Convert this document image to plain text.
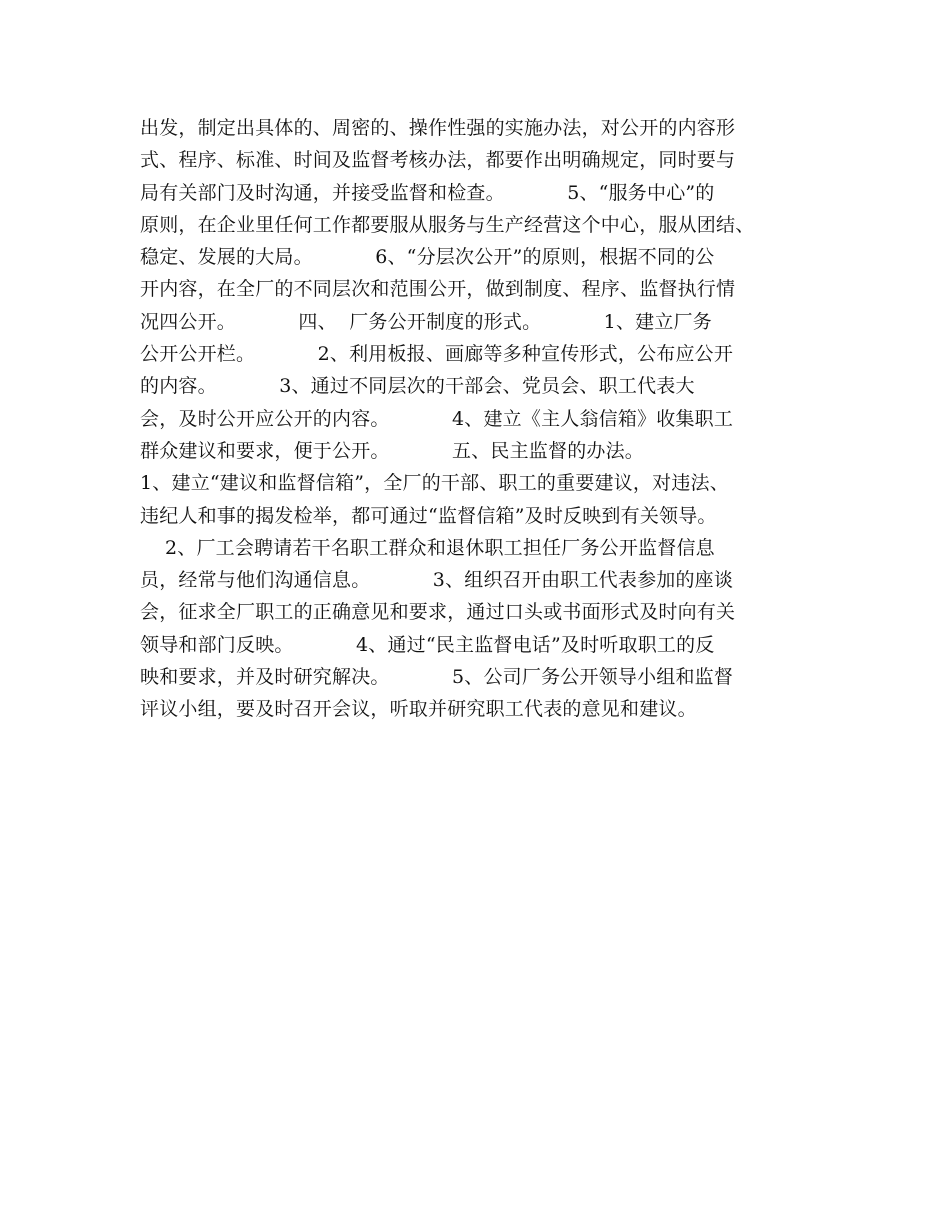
出发，制定出具体的、周密的、操作性强的实施办法，对公开的内容形
式、程序、标准、时间及监督考核办法，都要作出明确规定，同时要与
局有关部门及时沟通，并接受监督和检查。          5、“服务中心”的
原则，在企业里任何工作都要服从服务与生产经营这个中心，服从团结、
稳定、发展的大局。          6、“分层次公开”的原则，根据不同的公
开内容，在全厂的不同层次和范围公开，做到制度、程序、监督执行情
况四公开。          四、  厂务公开制度的形式。          1、建立厂务
公开公开栏。          2、利用板报、画廊等多种宣传形式，公布应公开
的内容。          3、通过不同层次的干部会、党员会、职工代表大
会，及时公开应公开的内容。          4、建立《主人翁信箱》收集职工
群众建议和要求，便于公开。          五、民主监督的办法。
1、建立“建议和监督信箱”，全厂的干部、职工的重要建议，对违法、
违纪人和事的揭发检举，都可通过“监督信箱”及时反映到有关领导。
2、厂工会聘请若干名职工群众和退休职工担任厂务公开监督信息
员，经常与他们沟通信息。          3、组织召开由职工代表参加的座谈
会，征求全厂职工的正确意见和要求，通过口头或书面形式及时向有关
领导和部门反映。          4、通过“民主监督电话”及时听取职工的反
映和要求，并及时研究解决。          5、公司厂务公开领导小组和监督
评议小组，要及时召开会议，听取并研究职工代表的意见和建议。
